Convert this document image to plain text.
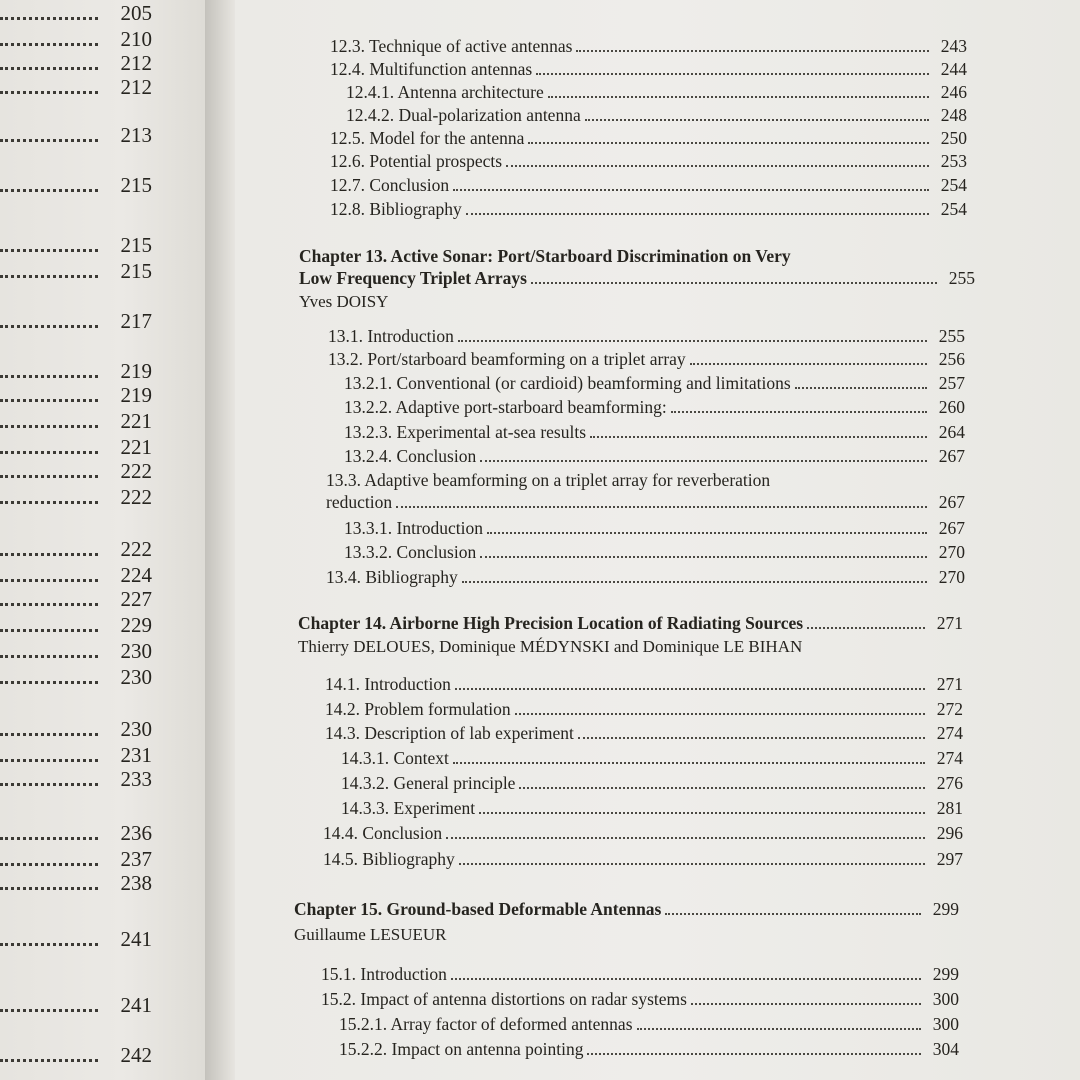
205
210
212
212
213
215
215
215
217
219
219
221
221
222
222
222
224
227
229
230
230
230
231
233
236
237
238
241
241
242
12.3. Technique of active antennas	243
12.4. Multifunction antennas	244
12.4.1. Antenna architecture	246
12.4.2. Dual-polarization antenna	248
12.5. Model for the antenna	250
12.6. Potential prospects	253
12.7. Conclusion	254
12.8. Bibliography	254
Chapter 13. Active Sonar: Port/Starboard Discrimination on Very
Low Frequency Triplet Arrays	255
Yves DOISY
13.1. Introduction	255
13.2. Port/starboard beamforming on a triplet array	256
13.2.1. Conventional (or cardioid) beamforming and limitations	257
13.2.2. Adaptive port-starboard beamforming:	260
13.2.3. Experimental at-sea results	264
13.2.4. Conclusion	267
13.3. Adaptive beamforming on a triplet array for reverberation
reduction	267
13.3.1. Introduction	267
13.3.2. Conclusion	270
13.4. Bibliography	270
Chapter 14. Airborne High Precision Location of Radiating Sources	271
Thierry DELOUES, Dominique MÉDYNSKI and Dominique LE BIHAN
14.1. Introduction	271
14.2. Problem formulation	272
14.3. Description of lab experiment	274
14.3.1. Context	274
14.3.2. General principle	276
14.3.3. Experiment	281
14.4. Conclusion	296
14.5. Bibliography	297
Chapter 15. Ground-based Deformable Antennas	299
Guillaume LESUEUR
15.1. Introduction	299
15.2. Impact of antenna distortions on radar systems	300
15.2.1. Array factor of deformed antennas	300
15.2.2. Impact on antenna pointing	304
